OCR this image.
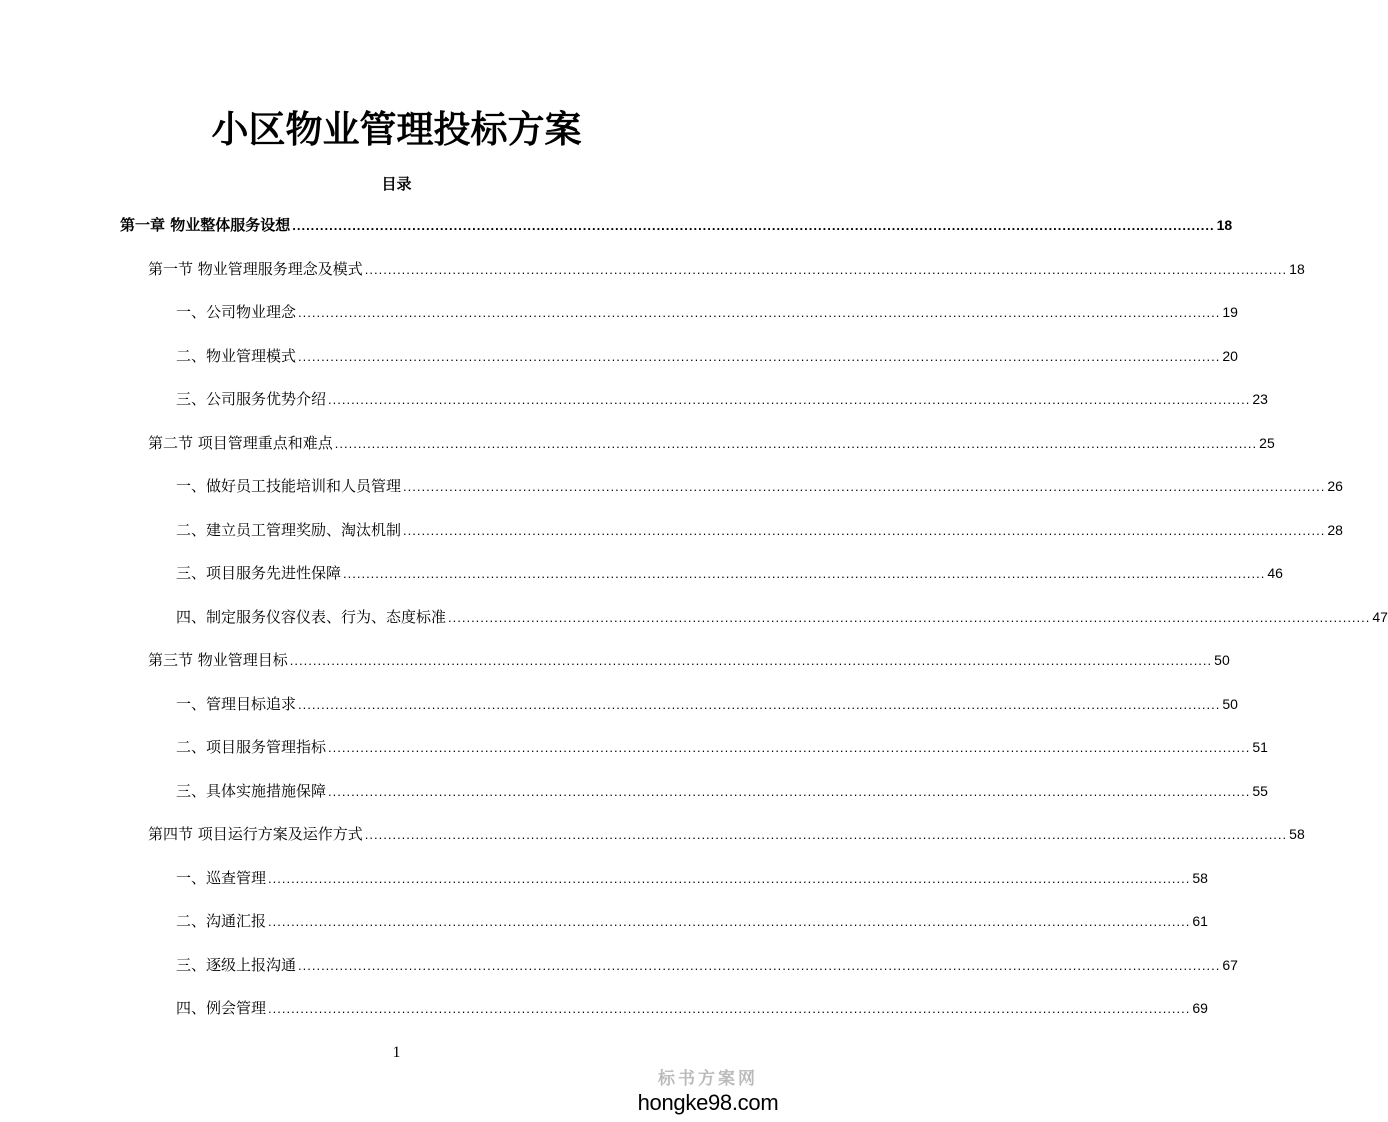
小区物业管理投标方案
目录
第一章 物业整体服务设想 ........................................................................................................................................................................................................ 18
第一节 物业管理服务理念及模式 ........................................................................................................................................................................................................ 18
一、公司物业理念 ........................................................................................................................................................................................................ 19
二、物业管理模式 ........................................................................................................................................................................................................ 20
三、公司服务优势介绍 ........................................................................................................................................................................................................ 23
第二节 项目管理重点和难点 ........................................................................................................................................................................................................ 25
一、做好员工技能培训和人员管理 ........................................................................................................................................................................................................ 26
二、建立员工管理奖励、淘汰机制 ........................................................................................................................................................................................................ 28
三、项目服务先进性保障 ........................................................................................................................................................................................................ 46
四、制定服务仪容仪表、行为、态度标准 ........................................................................................................................................................................................................ 47
第三节 物业管理目标 ........................................................................................................................................................................................................ 50
一、管理目标追求 ........................................................................................................................................................................................................ 50
二、项目服务管理指标 ........................................................................................................................................................................................................ 51
三、具体实施措施保障 ........................................................................................................................................................................................................ 55
第四节 项目运行方案及运作方式 ........................................................................................................................................................................................................ 58
一、巡查管理 ........................................................................................................................................................................................................ 58
二、沟通汇报 ........................................................................................................................................................................................................ 61
三、逐级上报沟通 ........................................................................................................................................................................................................ 67
四、例会管理 ........................................................................................................................................................................................................ 69
1
标书方案网
hongke98.com
